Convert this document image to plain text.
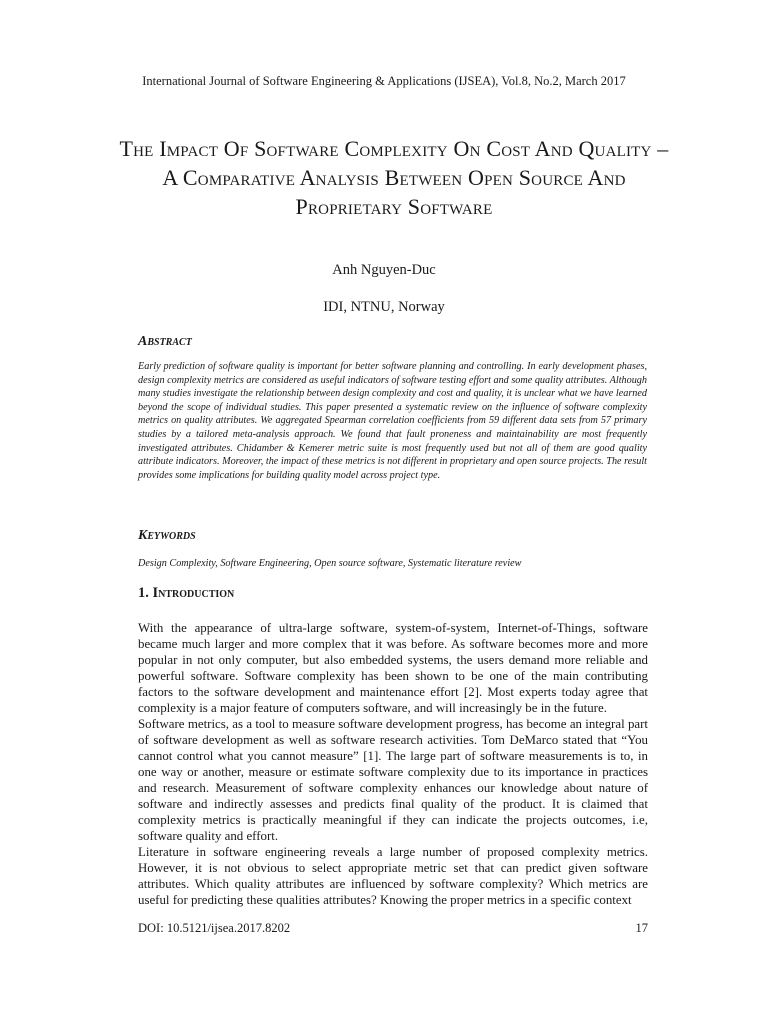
International Journal of Software Engineering & Applications (IJSEA), Vol.8, No.2, March 2017
The Impact Of Software Complexity On Cost And Quality – A Comparative Analysis Between Open Source And Proprietary Software
Anh Nguyen-Duc
IDI, NTNU, Norway
Abstract
Early prediction of software quality is important for better software planning and controlling. In early development phases, design complexity metrics are considered as useful indicators of software testing effort and some quality attributes. Although many studies investigate the relationship between design complexity and cost and quality, it is unclear what we have learned beyond the scope of individual studies. This paper presented a systematic review on the influence of software complexity metrics on quality attributes. We aggregated Spearman correlation coefficients from 59 different data sets from 57 primary studies by a tailored meta-analysis approach. We found that fault proneness and maintainability are most frequently investigated attributes. Chidamber & Kemerer metric suite is most frequently used but not all of them are good quality attribute indicators. Moreover, the impact of these metrics is not different in proprietary and open source projects. The result provides some implications for building quality model across project type.
Keywords
Design Complexity, Software Engineering, Open source software, Systematic literature review
1. Introduction
With the appearance of ultra-large software, system-of-system, Internet-of-Things, software became much larger and more complex that it was before. As software becomes more and more popular in not only computer, but also embedded systems, the users demand more reliable and powerful software. Software complexity has been shown to be one of the main contributing factors to the software development and maintenance effort [2]. Most experts today agree that complexity is a major feature of computers software, and will increasingly be in the future.
Software metrics, as a tool to measure software development progress, has become an integral part of software development as well as software research activities. Tom DeMarco stated that “You cannot control what you cannot measure” [1]. The large part of software measurements is to, in one way or another, measure or estimate software complexity due to its importance in practices and research. Measurement of software complexity enhances our knowledge about nature of software and indirectly assesses and predicts final quality of the product. It is claimed that complexity metrics is practically meaningful if they can indicate the projects outcomes, i.e, software quality and effort.
Literature in software engineering reveals a large number of proposed complexity metrics. However, it is not obvious to select appropriate metric set that can predict given software attributes. Which quality attributes are influenced by software complexity? Which metrics are useful for predicting these qualities attributes? Knowing the proper metrics in a specific context
DOI: 10.5121/ijsea.2017.8202	17
